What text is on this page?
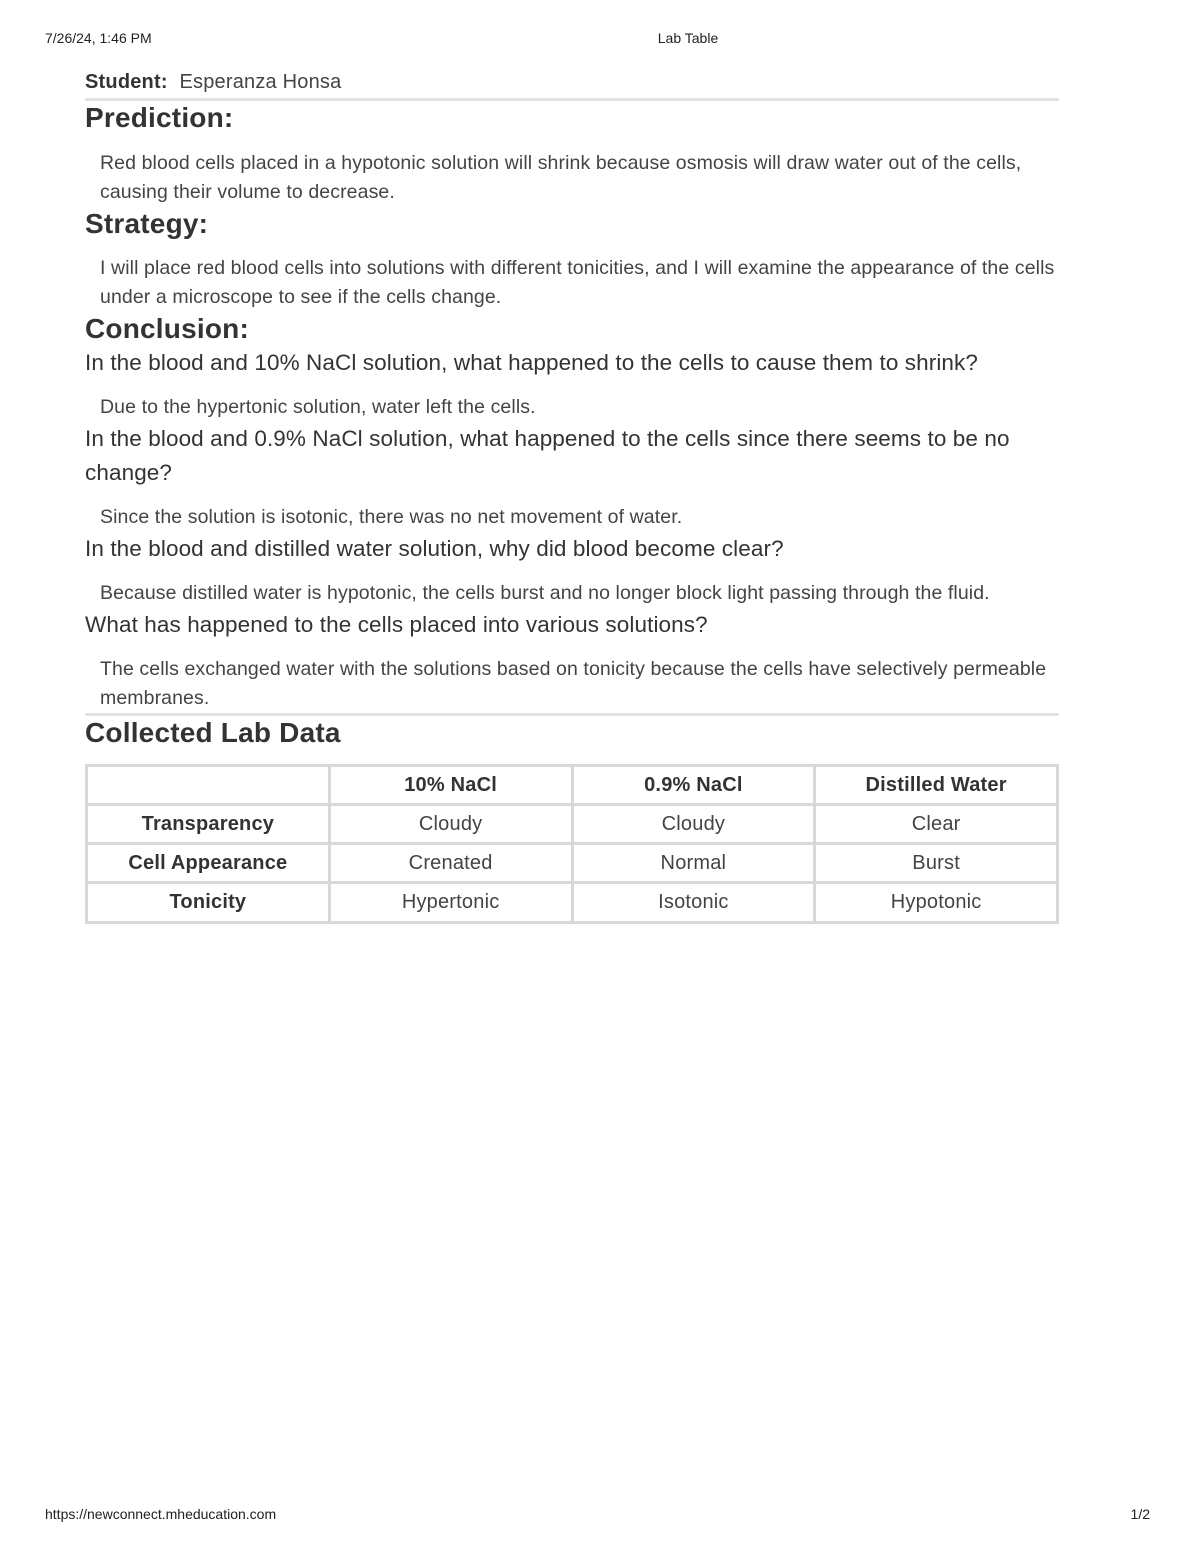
7/26/24, 1:46 PM	Lab Table

Student: Esperanza Honsa

Prediction:

Red blood cells placed in a hypotonic solution will shrink because osmosis will draw water out of the cells, causing their volume to decrease.

Strategy:

I will place red blood cells into solutions with different tonicities, and I will examine the appearance of the cells under a microscope to see if the cells change.

Conclusion:
In the blood and 10% NaCl solution, what happened to the cells to cause them to shrink?

Due to the hypertonic solution, water left the cells.

In the blood and 0.9% NaCl solution, what happened to the cells since there seems to be no change?

Since the solution is isotonic, there was no net movement of water.

In the blood and distilled water solution, why did blood become clear?

Because distilled water is hypotonic, the cells burst and no longer block light passing through the fluid.

What has happened to the cells placed into various solutions?

The cells exchanged water with the solutions based on tonicity because the cells have selectively permeable membranes.

Collected Lab Data
	10% NaCl	0.9% NaCl	Distilled Water
Transparency	Cloudy	Cloudy	Clear
Cell Appearance	Crenated	Normal	Burst
Tonicity	Hypertonic	Isotonic	Hypotonic
https://newconnect.mheducation.com	1/2
